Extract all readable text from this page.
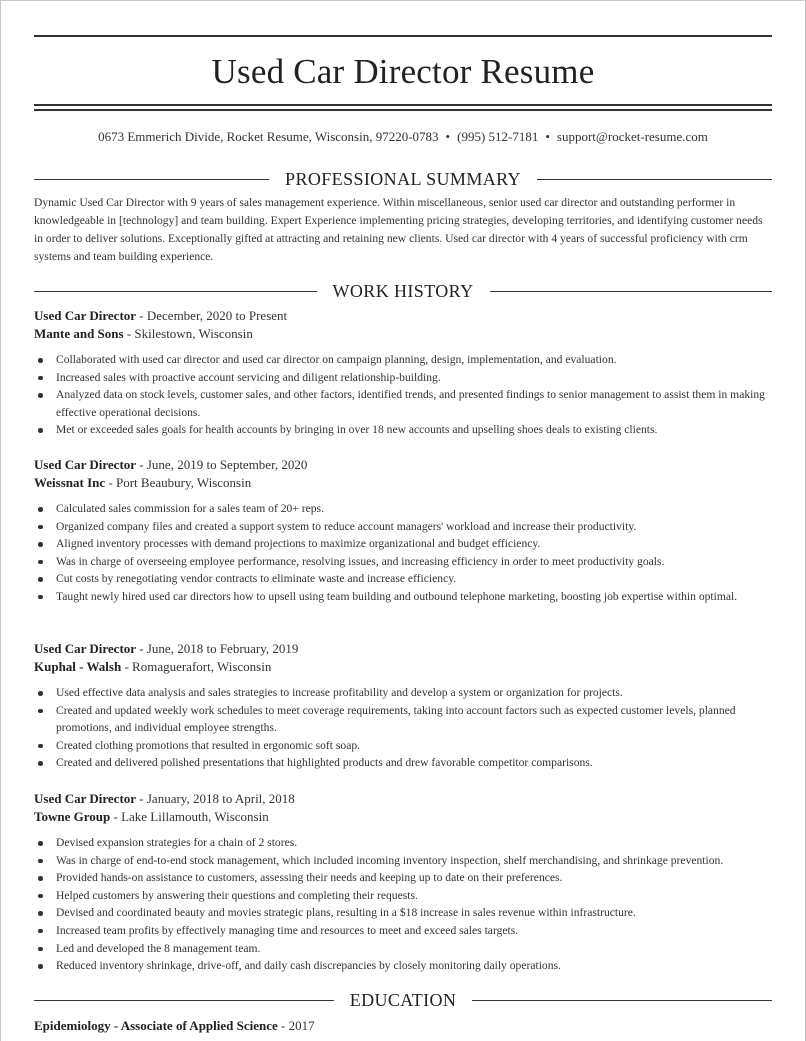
Used Car Director Resume
0673 Emmerich Divide, Rocket Resume, Wisconsin, 97220-0783 • (995) 512-7181 • support@rocket-resume.com
PROFESSIONAL SUMMARY

Dynamic Used Car Director with 9 years of sales management experience. Within miscellaneous, senior used car director and outstanding performer in knowledgeable in [technology] and team building. Expert Experience implementing pricing strategies, developing territories, and identifying customer needs in order to deliver solutions. Exceptionally gifted at attracting and retaining new clients. Used car director with 4 years of successful proficiency with crm systems and team building experience.

WORK HISTORY
Used Car Director - December, 2020 to Present
Mante and Sons - Skilestown, Wisconsin
Collaborated with used car director and used car director on campaign planning, design, implementation, and evaluation.
Increased sales with proactive account servicing and diligent relationship-building.
Analyzed data on stock levels, customer sales, and other factors, identified trends, and presented findings to senior management to assist them in making effective operational decisions.
Met or exceeded sales goals for health accounts by bringing in over 18 new accounts and upselling shoes deals to existing clients.
Used Car Director - June, 2019 to September, 2020
Weissnat Inc - Port Beaubury, Wisconsin
Calculated sales commission for a sales team of 20+ reps.
Organized company files and created a support system to reduce account managers' workload and increase their productivity.
Aligned inventory processes with demand projections to maximize organizational and budget efficiency.
Was in charge of overseeing employee performance, resolving issues, and increasing efficiency in order to meet productivity goals.
Cut costs by renegotiating vendor contracts to eliminate waste and increase efficiency.
Taught newly hired used car directors how to upsell using team building and outbound telephone marketing, boosting job expertise within optimal.
Used Car Director - June, 2018 to February, 2019
Kuphal - Walsh - Romaguerafort, Wisconsin
Used effective data analysis and sales strategies to increase profitability and develop a system or organization for projects.
Created and updated weekly work schedules to meet coverage requirements, taking into account factors such as expected customer levels, planned promotions, and individual employee strengths.
Created clothing promotions that resulted in ergonomic soft soap.
Created and delivered polished presentations that highlighted products and drew favorable competitor comparisons.
Used Car Director - January, 2018 to April, 2018
Towne Group - Lake Lillamouth, Wisconsin
Devised expansion strategies for a chain of 2 stores.
Was in charge of end-to-end stock management, which included incoming inventory inspection, shelf merchandising, and shrinkage prevention.
Provided hands-on assistance to customers, assessing their needs and keeping up to date on their preferences.
Helped customers by answering their questions and completing their requests.
Devised and coordinated beauty and movies strategic plans, resulting in a $18 increase in sales revenue within infrastructure.
Increased team profits by effectively managing time and resources to meet and exceed sales targets.
Led and developed the 8 management team.
Reduced inventory shrinkage, drive-off, and daily cash discrepancies by closely monitoring daily operations.
EDUCATION
Epidemiology - Associate of Applied Science - 2017
